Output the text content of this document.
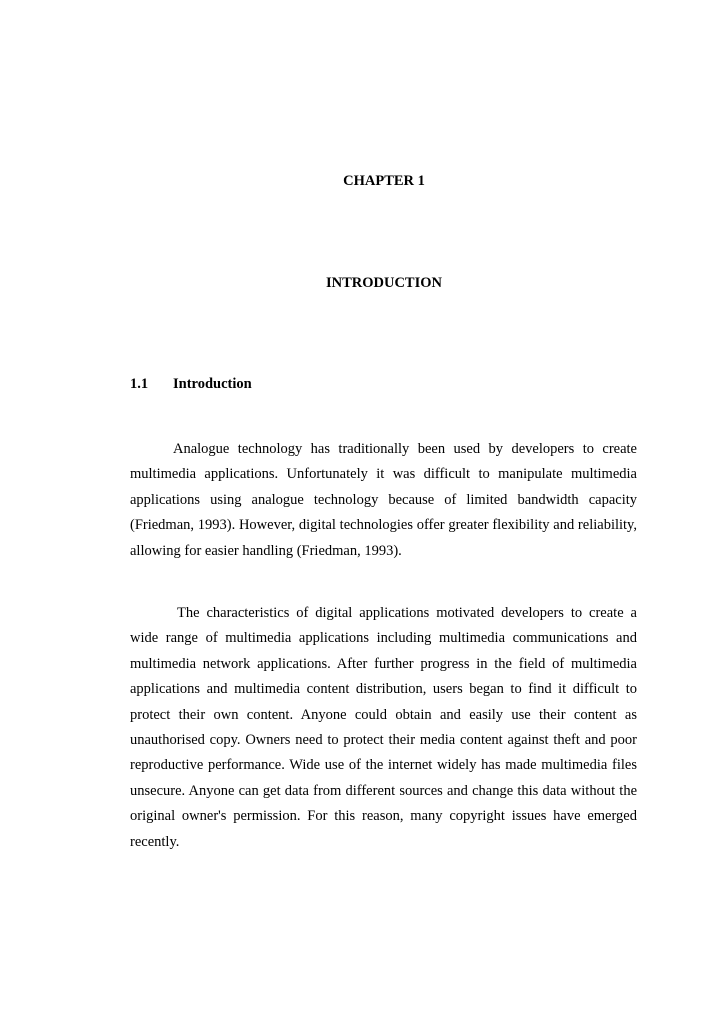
CHAPTER 1
INTRODUCTION
1.1 Introduction

Analogue technology has traditionally been used by developers to create multimedia applications. Unfortunately it was difficult to manipulate multimedia applications using analogue technology because of limited bandwidth capacity (Friedman, 1993). However, digital technologies offer greater flexibility and reliability, allowing for easier handling (Friedman, 1993).

The characteristics of digital applications motivated developers to create a wide range of multimedia applications including multimedia communications and multimedia network applications. After further progress in the field of multimedia applications and multimedia content distribution, users began to find it difficult to protect their own content. Anyone could obtain and easily use their content as unauthorised copy. Owners need to protect their media content against theft and poor reproductive performance. Wide use of the internet widely has made multimedia files unsecure. Anyone can get data from different sources and change this data without the original owner's permission. For this reason, many copyright issues have emerged recently.
